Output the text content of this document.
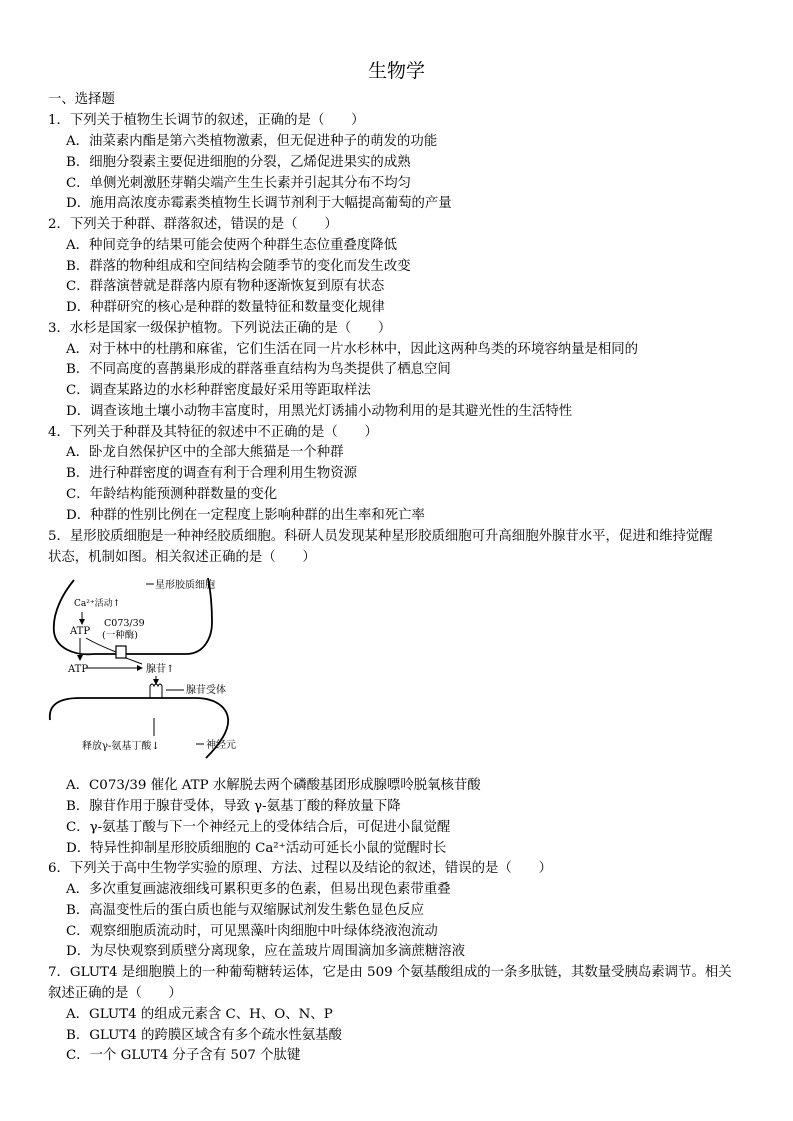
生物学
一、选择题
1．下列关于植物生长调节的叙述，正确的是（　　）
A．油菜素内酯是第六类植物激素，但无促进种子的萌发的功能
B．细胞分裂素主要促进细胞的分裂，乙烯促进果实的成熟
C．单侧光刺激胚芽鞘尖端产生生长素并引起其分布不均匀
D．施用高浓度赤霉素类植物生长调节剂利于大幅提高葡萄的产量
2．下列关于种群、群落叙述，错误的是（　　）
A．种间竞争的结果可能会使两个种群生态位重叠度降低
B．群落的物种组成和空间结构会随季节的变化而发生改变
C．群落演替就是群落内原有物种逐渐恢复到原有状态
D．种群研究的核心是种群的数量特征和数量变化规律
3．水杉是国家一级保护植物。下列说法正确的是（　　）
A．对于林中的杜鹃和麻雀，它们生活在同一片水杉林中，因此这两种鸟类的环境容纳量是相同的
B．不同高度的喜鹊巢形成的群落垂直结构为鸟类提供了栖息空间
C．调查某路边的水杉种群密度最好采用等距取样法
D．调查该地土壤小动物丰富度时，用黑光灯诱捕小动物利用的是其避光性的生活特性
4．下列关于种群及其特征的叙述中不正确的是（　　）
A．卧龙自然保护区中的全部大熊猫是一个种群
B．进行种群密度的调查有利于合理利用生物资源
C．年龄结构能预测种群数量的变化
D．种群的性别比例在一定程度上影响种群的出生率和死亡率
5．星形胶质细胞是一种神经胶质细胞。科研人员发现某种星形胶质细胞可升高细胞外腺苷水平，促进和维持觉醒
状态，机制如图。相关叙述正确的是（　　）
星形胶质细胞
Ca²⁺活动↑
ATP
C073/39
(一种酶)
ATP	腺苷↑
腺苷受体
释放γ-氨基丁酸↓	神经元
A．C073/39 催化 ATP 水解脱去两个磷酸基团形成腺嘌呤脱氧核苷酸
B．腺苷作用于腺苷受体，导致 γ-氨基丁酸的释放量下降
C．γ-氨基丁酸与下一个神经元上的受体结合后，可促进小鼠觉醒
D．特异性抑制星形胶质细胞的 Ca²⁺活动可延长小鼠的觉醒时长
6．下列关于高中生物学实验的原理、方法、过程以及结论的叙述，错误的是（　　）
A．多次重复画滤液细线可累积更多的色素，但易出现色素带重叠
B．高温变性后的蛋白质也能与双缩脲试剂发生紫色显色反应
C．观察细胞质流动时，可见黑藻叶肉细胞中叶绿体绕液泡流动
D．为尽快观察到质壁分离现象，应在盖玻片周围滴加多滴蔗糖溶液
7．GLUT4 是细胞膜上的一种葡萄糖转运体，它是由 509 个氨基酸组成的一条多肽链，其数量受胰岛素调节。相关
叙述正确的是（　　）
A．GLUT4 的组成元素含 C、H、O、N、P
B．GLUT4 的跨膜区域含有多个疏水性氨基酸
C．一个 GLUT4 分子含有 507 个肽键
